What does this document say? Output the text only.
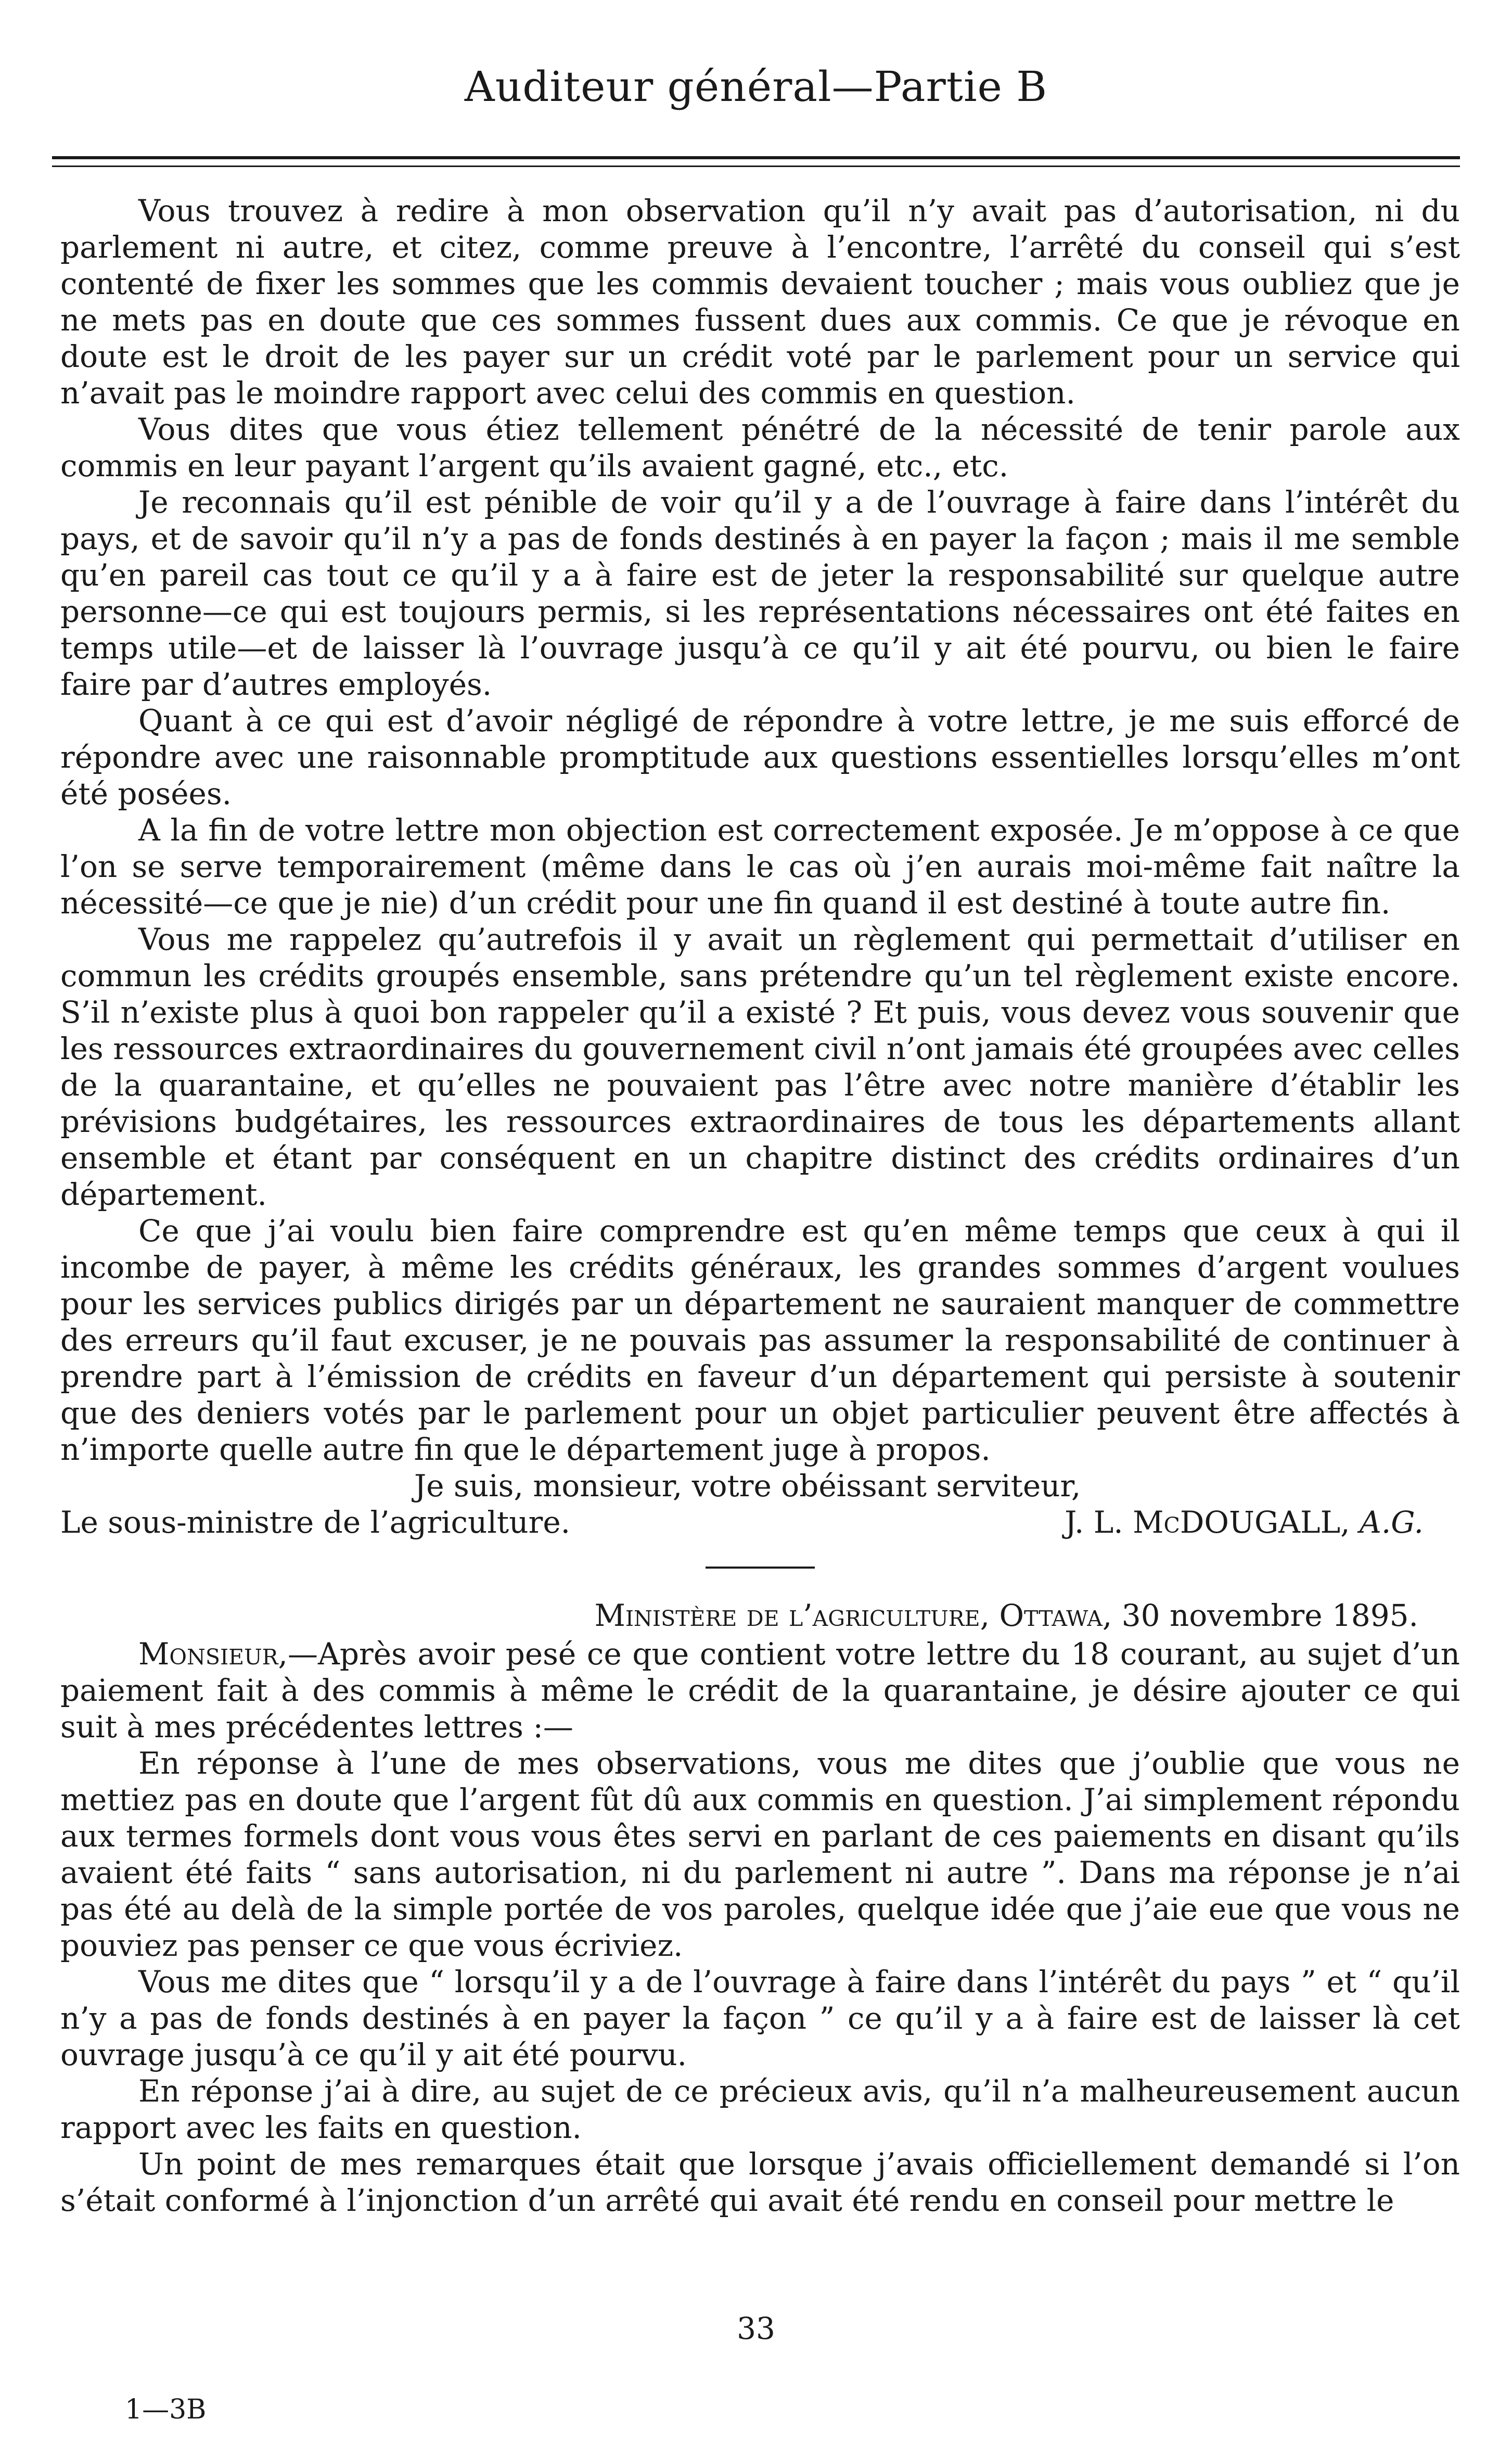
Auditeur général—Partie B

Vous trouvez à redire à mon observation qu’il n’y avait pas d’autorisation, ni du parlement ni autre, et citez, comme preuve à l’encontre, l’arrêté du conseil qui s’est contenté de fixer les sommes que les commis devaient toucher ; mais vous oubliez que je ne mets pas en doute que ces sommes fussent dues aux commis. Ce que je révoque en doute est le droit de les payer sur un crédit voté par le parlement pour un service qui n’avait pas le moindre rapport avec celui des commis en question.

Vous dites que vous étiez tellement pénétré de la nécessité de tenir parole aux commis en leur payant l’argent qu’ils avaient gagné, etc., etc.

Je reconnais qu’il est pénible de voir qu’il y a de l’ouvrage à faire dans l’intérêt du pays, et de savoir qu’il n’y a pas de fonds destinés à en payer la façon ; mais il me semble qu’en pareil cas tout ce qu’il y a à faire est de jeter la responsabilité sur quelque autre personne—ce qui est toujours permis, si les représentations nécessaires ont été faites en temps utile—et de laisser là l’ouvrage jusqu’à ce qu’il y ait été pourvu, ou bien le faire faire par d’autres employés.

Quant à ce qui est d’avoir négligé de répondre à votre lettre, je me suis efforcé de répondre avec une raisonnable promptitude aux questions essentielles lorsqu’elles m’ont été posées.

A la fin de votre lettre mon objection est correctement exposée. Je m’oppose à ce que l’on se serve temporairement (même dans le cas où j’en aurais moi-même fait naître la nécessité—ce que je nie) d’un crédit pour une fin quand il est destiné à toute autre fin.

Vous me rappelez qu’autrefois il y avait un règlement qui permettait d’utiliser en commun les crédits groupés ensemble, sans prétendre qu’un tel règlement existe encore. S’il n’existe plus à quoi bon rappeler qu’il a existé ? Et puis, vous devez vous souvenir que les ressources extraordinaires du gouvernement civil n’ont jamais été groupées avec celles de la quarantaine, et qu’elles ne pouvaient pas l’être avec notre manière d’établir les prévisions budgétaires, les ressources extraordinaires de tous les départements allant ensemble et étant par conséquent en un chapitre distinct des crédits ordinaires d’un département.

Ce que j’ai voulu bien faire comprendre est qu’en même temps que ceux à qui il incombe de payer, à même les crédits généraux, les grandes sommes d’argent voulues pour les services publics dirigés par un département ne sauraient manquer de commettre des erreurs qu’il faut excuser, je ne pouvais pas assumer la responsabilité de continuer à prendre part à l’émission de crédits en faveur d’un département qui persiste à soutenir que des deniers votés par le parlement pour un objet particulier peuvent être affectés à n’importe quelle autre fin que le département juge à propos.

Je suis, monsieur, votre obéissant serviteur,
Le sous-ministre de l’agriculture.	J. L. McDOUGALL, A.G.
Ministère de l’agriculture, Ottawa, 30 novembre 1895.

Monsieur,—Après avoir pesé ce que contient votre lettre du 18 courant, au sujet d’un paiement fait à des commis à même le crédit de la quarantaine, je désire ajouter ce qui suit à mes précédentes lettres :—

En réponse à l’une de mes observations, vous me dites que j’oublie que vous ne mettiez pas en doute que l’argent fût dû aux commis en question. J’ai simplement répondu aux termes formels dont vous vous êtes servi en parlant de ces paiements en disant qu’ils avaient été faits “ sans autorisation, ni du parlement ni autre ”. Dans ma réponse je n’ai pas été au delà de la simple portée de vos paroles, quelque idée que j’aie eue que vous ne pouviez pas penser ce que vous écriviez.

Vous me dites que “ lorsqu’il y a de l’ouvrage à faire dans l’intérêt du pays ” et “ qu’il n’y a pas de fonds destinés à en payer la façon ” ce qu’il y a à faire est de laisser là cet ouvrage jusqu’à ce qu’il y ait été pourvu.

En réponse j’ai à dire, au sujet de ce précieux avis, qu’il n’a malheureusement aucun rapport avec les faits en question.

Un point de mes remarques était que lorsque j’avais officiellement demandé si l’on s’était conformé à l’injonction d’un arrêté qui avait été rendu en conseil pour mettre le

33
1—3B
